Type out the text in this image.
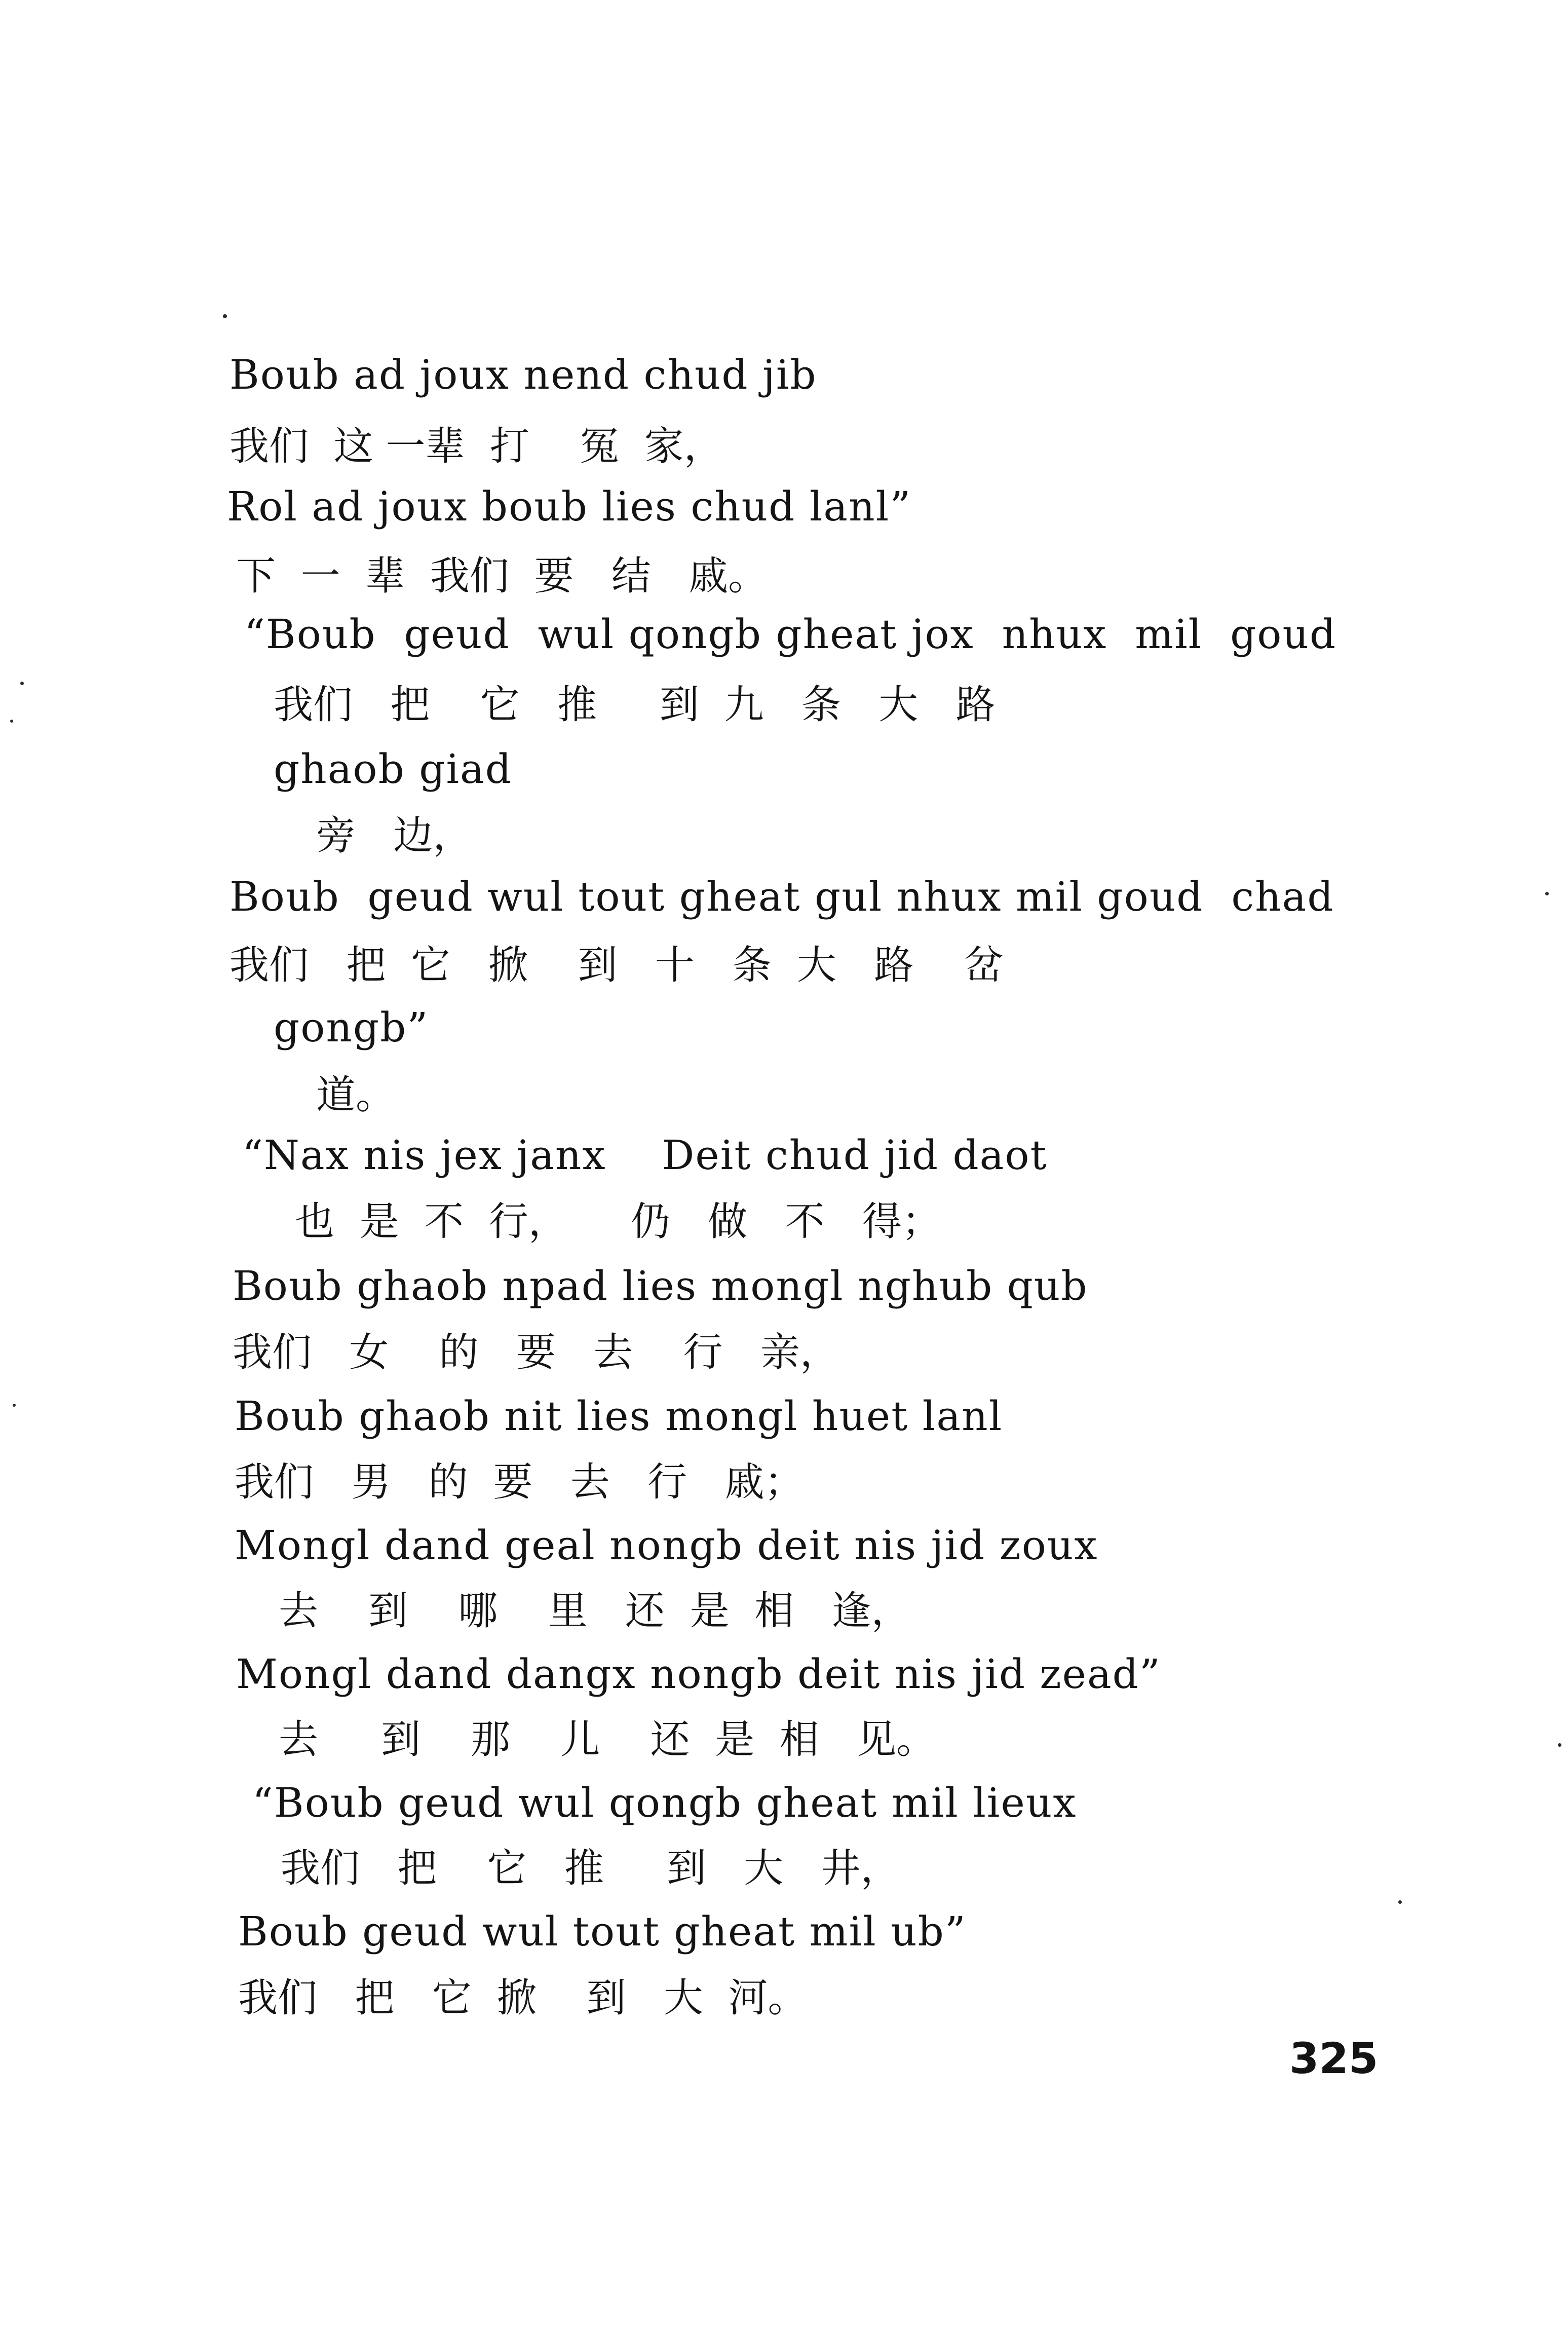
Boub ad joux nend chud jib

我们  这 一辈  打    冤  家，

Rol ad joux boub lies chud lanl”

下  一  辈  我们  要   结   戚。

“Boub  geud  wul qongb gheat jox  nhux  mil  goud

我们   把    它   推     到  九   条   大   路

ghaob giad

旁   边，

Boub  geud wul tout gheat gul nhux mil goud  chad

我们   把  它   掀    到   十   条  大   路    岔

gongb”

道。

“Nax nis jex janx    Deit chud jid daot

也  是  不  行，     仍   做   不   得；

Boub ghaob npad lies mongl nghub qub

我们   女    的   要   去    行   亲，

Boub ghaob nit lies mongl huet lanl

我们   男   的  要   去   行   戚；

Mongl dand geal nongb deit nis jid zoux

去    到    哪    里   还  是  相   逢，

Mongl dand dangx nongb deit nis jid zead”

去     到    那    儿    还  是  相   见。

“Boub geud wul qongb gheat mil lieux

我们   把    它   推     到   大   井，

Boub geud wul tout gheat mil ub”

我们   把   它  掀    到   大  河。

325
